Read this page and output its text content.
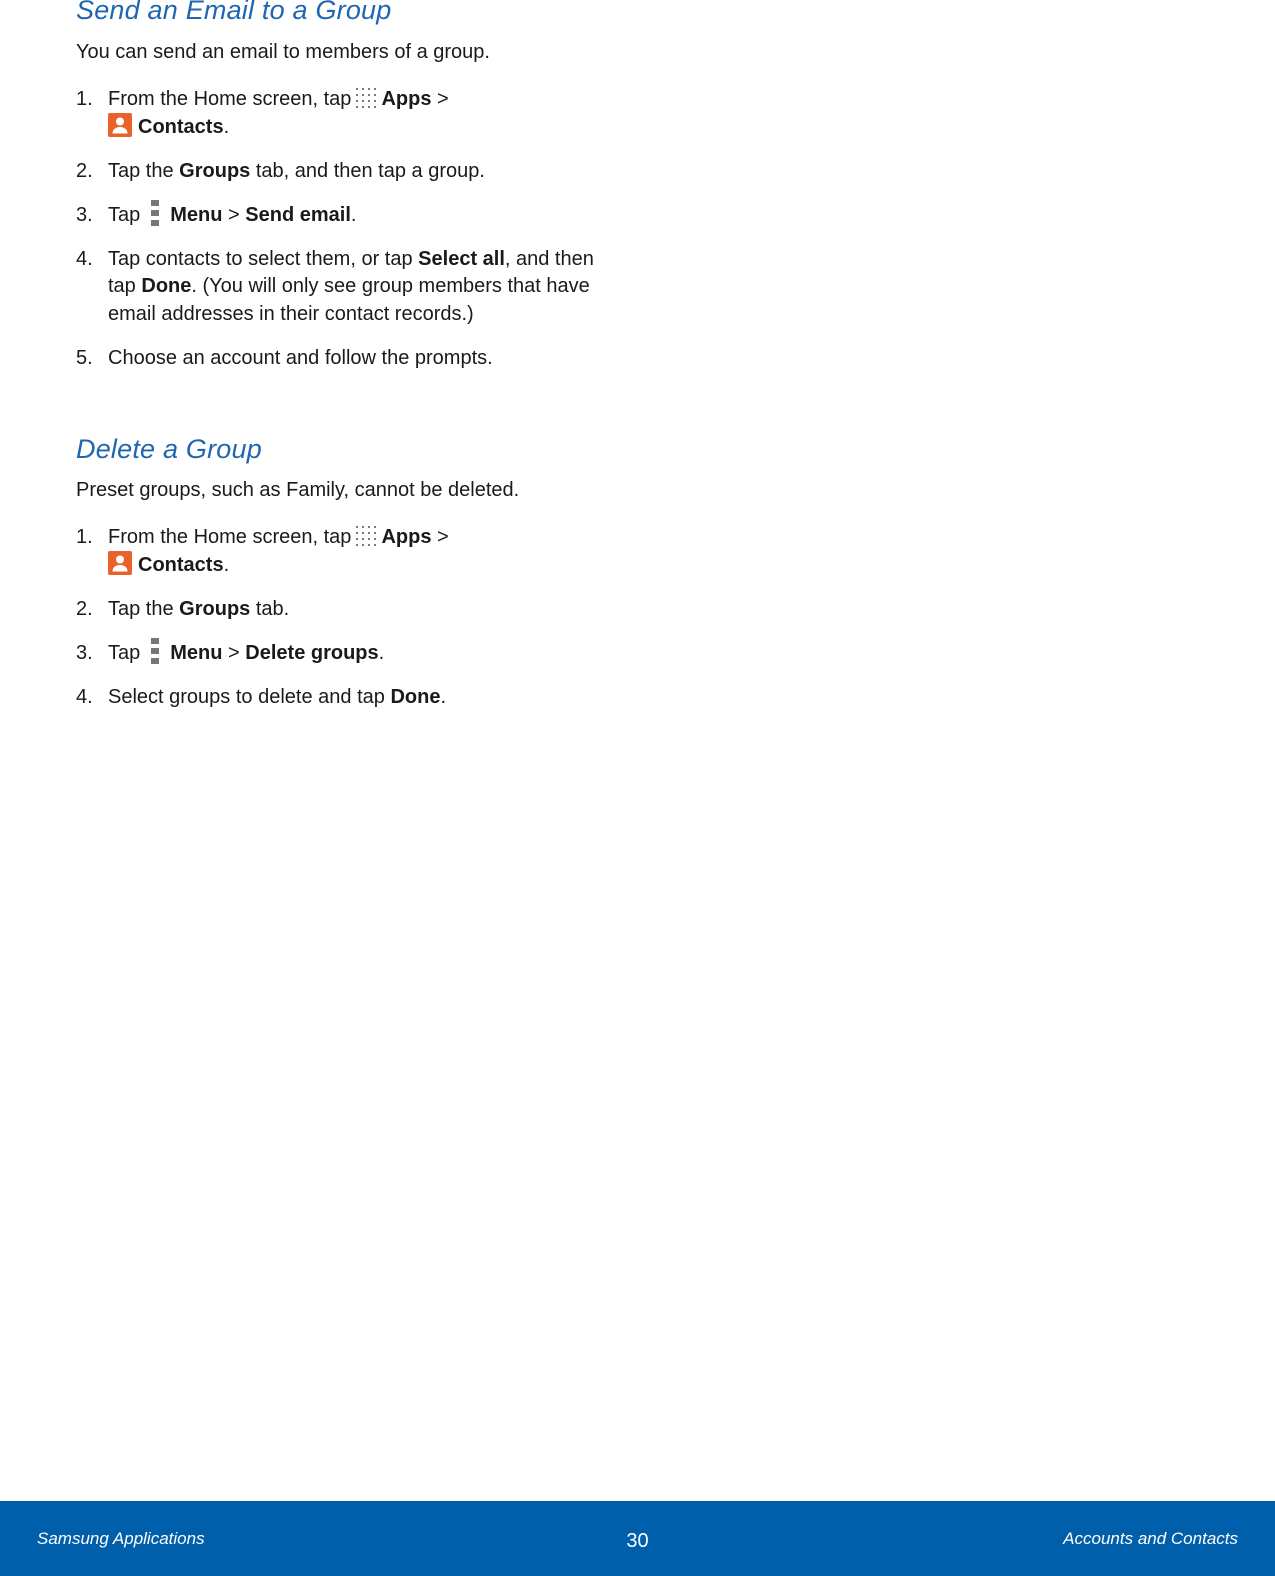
Send an Email to a Group
You can send an email to members of a group.
1. From the Home screen, tap Apps >
Contacts.
2. Tap the Groups tab, and then tap a group.
3. Tap Menu > Send email.
4. Tap contacts to select them, or tap Select all, and then tap Done. (You will only see group members that have email addresses in their contact records.)
5. Choose an account and follow the prompts.
Delete a Group
Preset groups, such as Family, cannot be deleted.
1. From the Home screen, tap Apps >
Contacts.
2. Tap the Groups tab.
3. Tap Menu > Delete groups.
4. Select groups to delete and tap Done.
Samsung Applications	30	Accounts and Contacts
